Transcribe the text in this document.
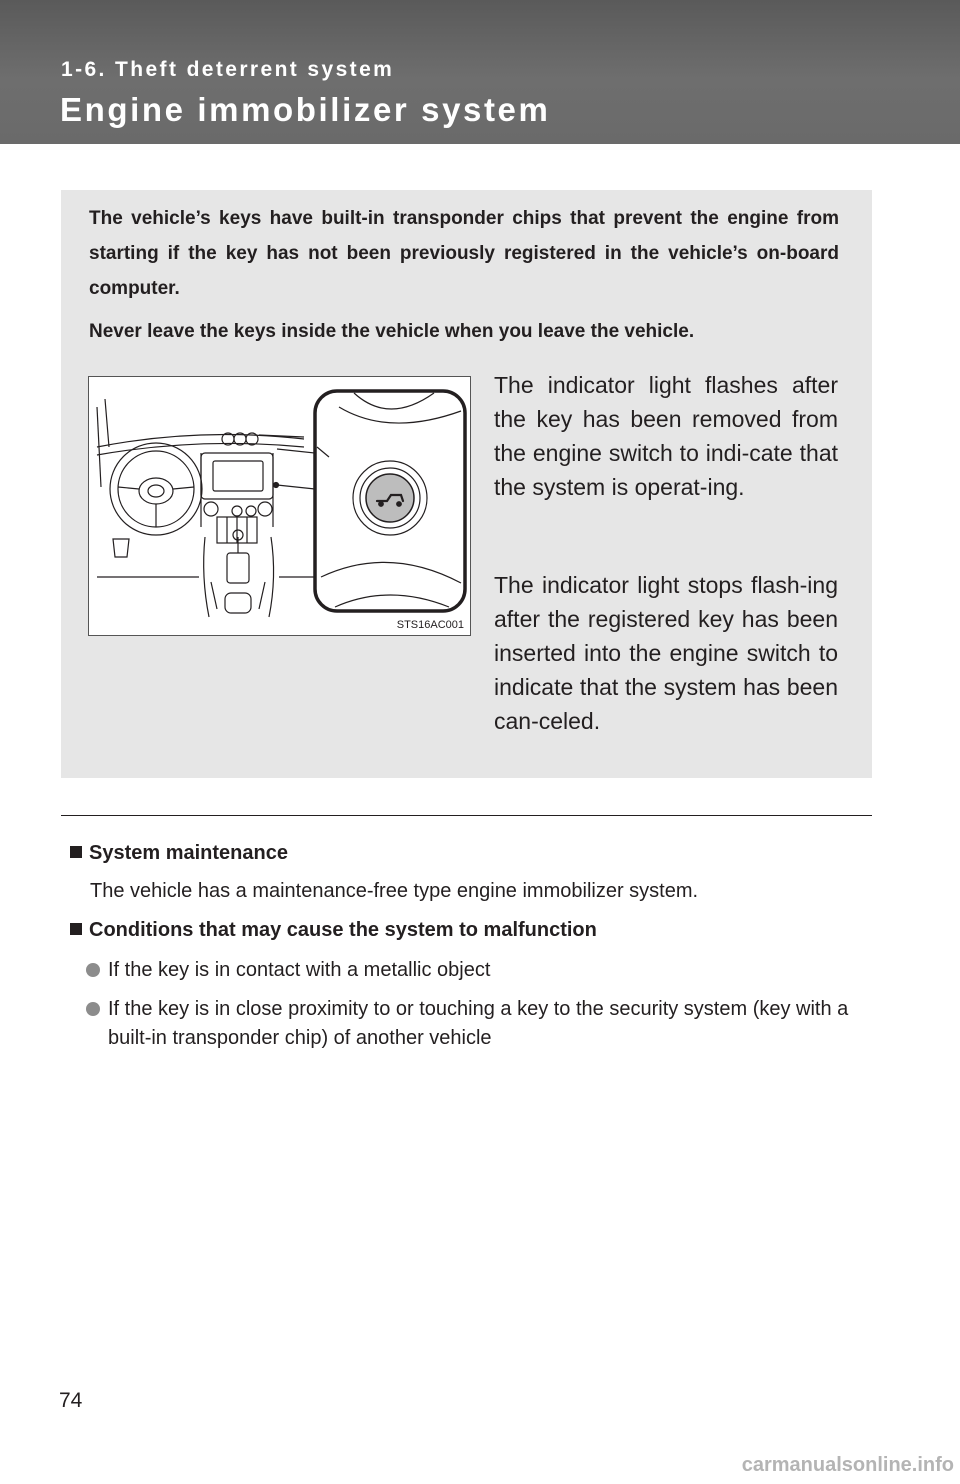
1-6. Theft deterrent system
Engine immobilizer system

The vehicle’s keys have built-in transponder chips that prevent the engine from starting if the key has not been previously registered in the vehicle’s on-board computer.

Never leave the keys inside the vehicle when you leave the vehicle.

STS16AC001

The indicator light flashes after the key has been removed from the engine switch to indi-cate that the system is operat-ing.

The indicator light stops flash-ing after the registered key has been inserted into the engine switch to indicate that the system has been can-celed.

System maintenance

The vehicle has a maintenance-free type engine immobilizer system.

Conditions that may cause the system to malfunction

If the key is in contact with a metallic object
If the key is in close proximity to or touching a key to the security system (key with a built-in transponder chip) of another vehicle
74
carmanualsonline.info
